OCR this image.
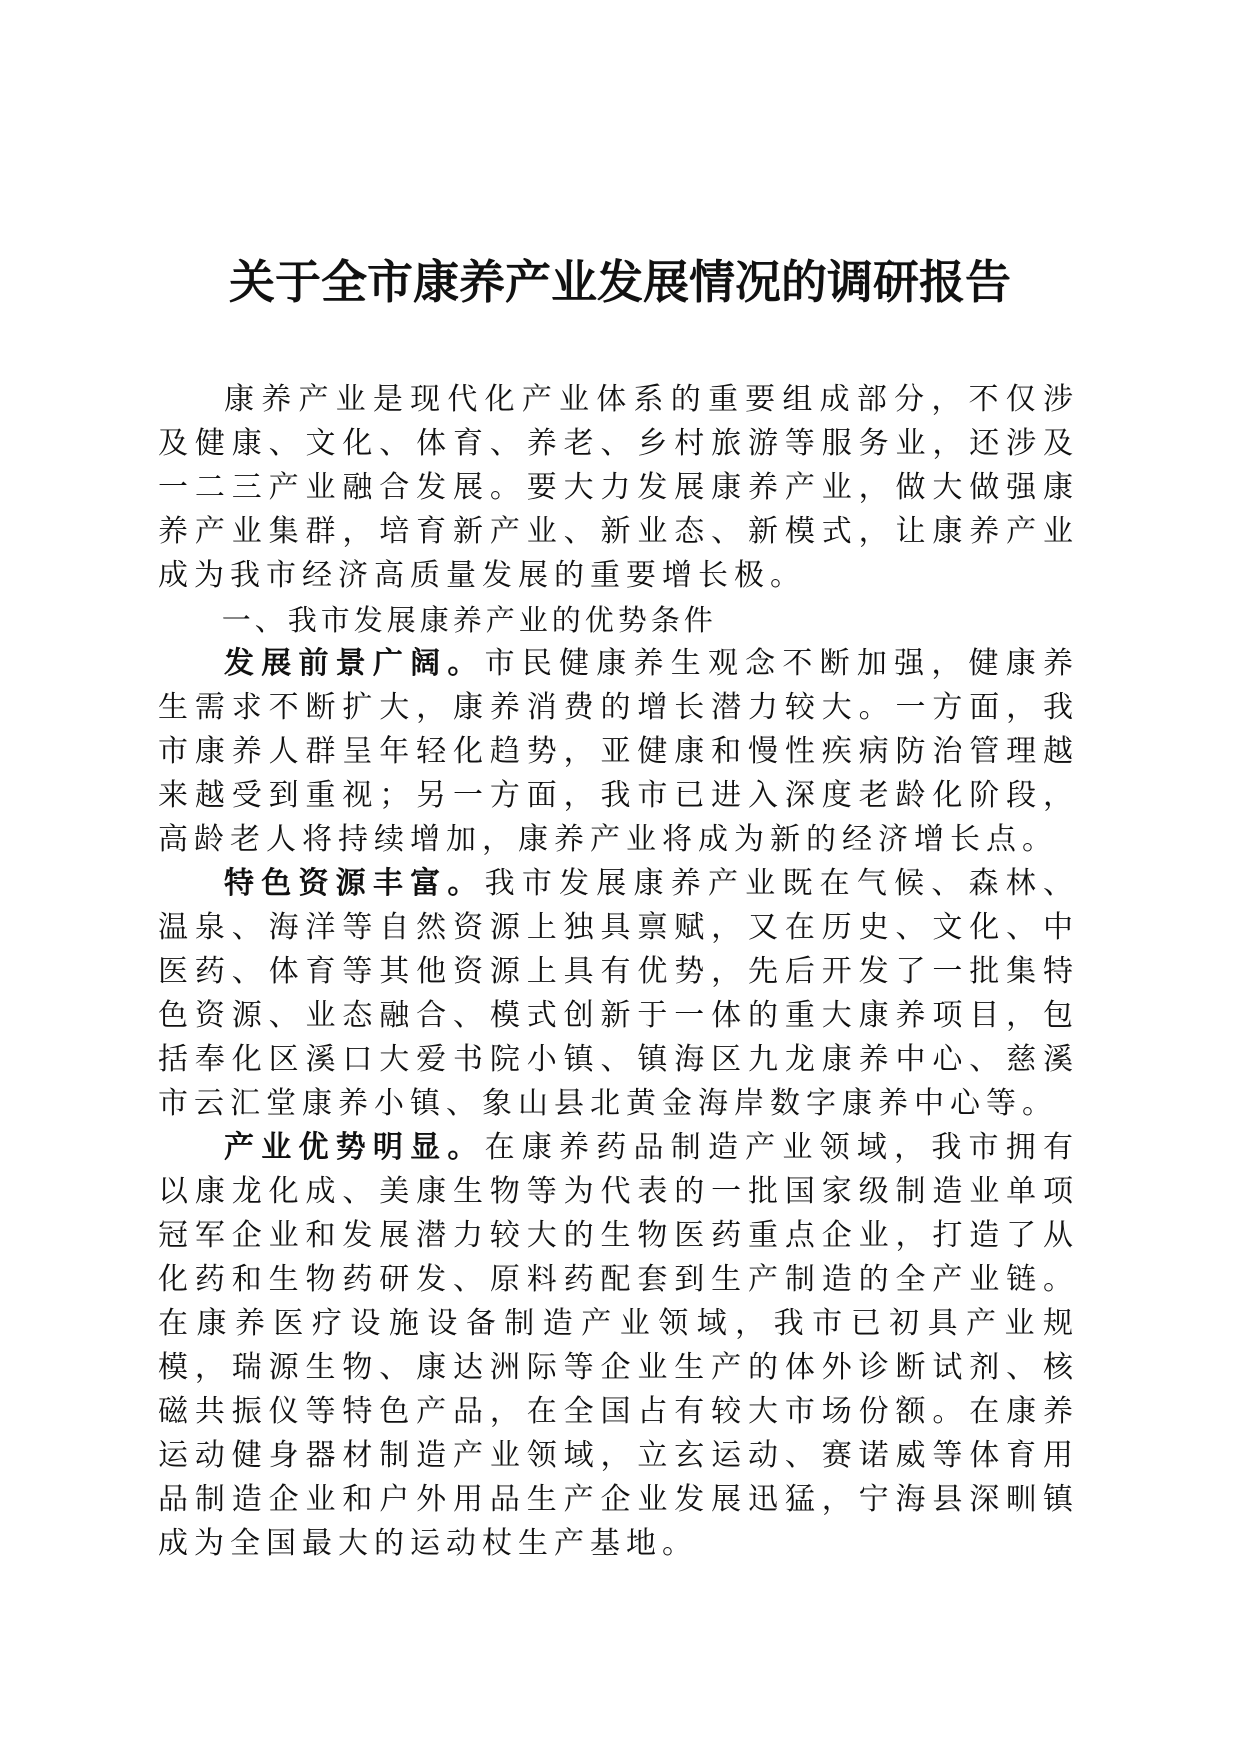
关于全市康养产业发展情况的调研报告

康养产业是现代化产业体系的重要组成部分，不仅涉及健康、文化、体育、养老、乡村旅游等服务业，还涉及一二三产业融合发展。要大力发展康养产业，做大做强康养产业集群，培育新产业、新业态、新模式，让康养产业成为我市经济高质量发展的重要增长极。

一、我市发展康养产业的优势条件

发展前景广阔。市民健康养生观念不断加强，健康养生需求不断扩大，康养消费的增长潜力较大。一方面，我市康养人群呈年轻化趋势，亚健康和慢性疾病防治管理越来越受到重视；另一方面，我市已进入深度老龄化阶段，高龄老人将持续增加，康养产业将成为新的经济增长点。

特色资源丰富。我市发展康养产业既在气候、森林、温泉、海洋等自然资源上独具禀赋，又在历史、文化、中医药、体育等其他资源上具有优势，先后开发了一批集特色资源、业态融合、模式创新于一体的重大康养项目，包括奉化区溪口大爱书院小镇、镇海区九龙康养中心、慈溪市云汇堂康养小镇、象山县北黄金海岸数字康养中心等。

产业优势明显。在康养药品制造产业领域，我市拥有以康龙化成、美康生物等为代表的一批国家级制造业单项冠军企业和发展潜力较大的生物医药重点企业，打造了从化药和生物药研发、原料药配套到生产制造的全产业链。在康养医疗设施设备制造产业领域，我市已初具产业规模，瑞源生物、康达洲际等企业生产的体外诊断试剂、核磁共振仪等特色产品，在全国占有较大市场份额。在康养运动健身器材制造产业领域，立玄运动、赛诺威等体育用品制造企业和户外用品生产企业发展迅猛，宁海县深甽镇成为全国最大的运动杖生产基地。
